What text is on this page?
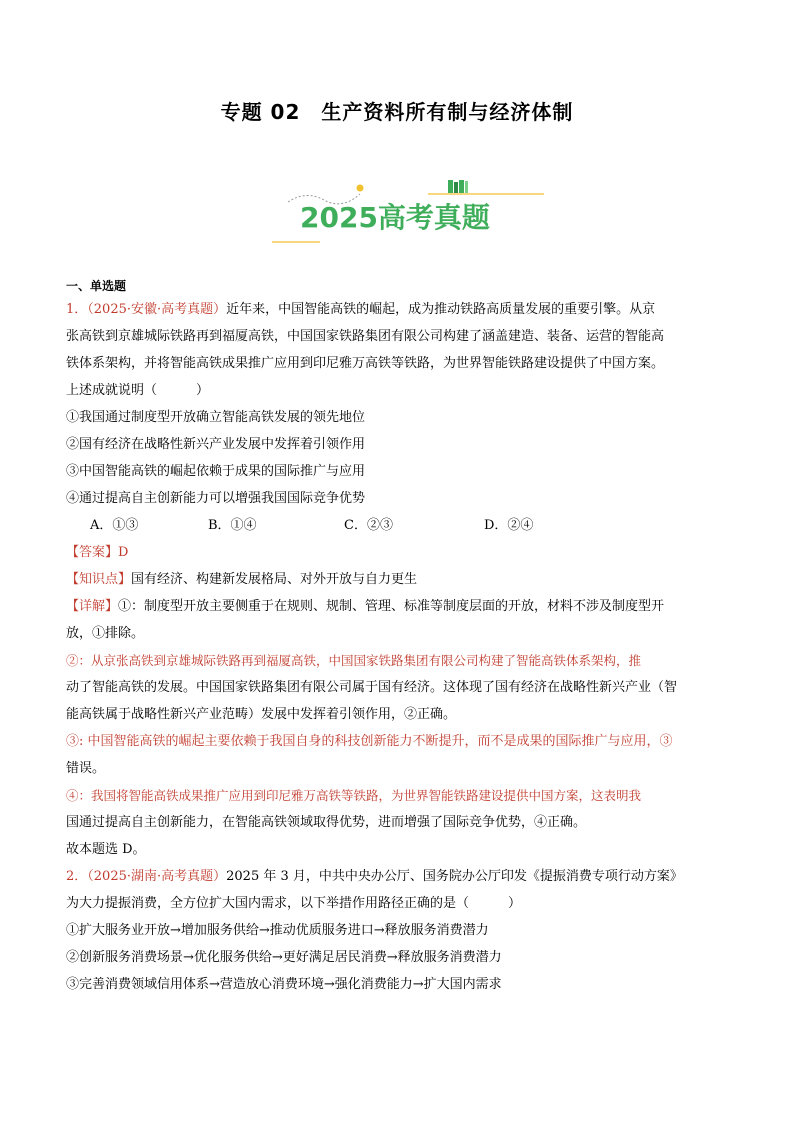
专题 02　生产资料所有制与经济体制
2025高考真题
一、单选题

1．（2025·安徽·高考真题）近年来，中国智能高铁的崛起，成为推动铁路高质量发展的重要引擎。从京

张高铁到京雄城际铁路再到福厦高铁，中国国家铁路集团有限公司构建了涵盖建造、装备、运营的智能高

铁体系架构，并将智能高铁成果推广应用到印尼雅万高铁等铁路，为世界智能铁路建设提供了中国方案。

上述成就说明（　　　）

①我国通过制度型开放确立智能高铁发展的领先地位

②国有经济在战略性新兴产业发展中发挥着引领作用

③中国智能高铁的崛起依赖于成果的国际推广与应用

④通过提高自主创新能力可以增强我国国际竞争优势

A．①③	B．①④	C．②③	D．②④

【答案】D

【知识点】国有经济、构建新发展格局、对外开放与自力更生

【详解】①：制度型开放主要侧重于在规则、规制、管理、标准等制度层面的开放，材料不涉及制度型开

放，①排除。

②：从京张高铁到京雄城际铁路再到福厦高铁，中国国家铁路集团有限公司构建了智能高铁体系架构，推

动了智能高铁的发展。中国国家铁路集团有限公司属于国有经济。这体现了国有经济在战略性新兴产业（智

能高铁属于战略性新兴产业范畴）发展中发挥着引领作用，②正确。

③: 中国智能高铁的崛起主要依赖于我国自身的科技创新能力不断提升，而不是成果的国际推广与应用，③

错误。

④：我国将智能高铁成果推广应用到印尼雅万高铁等铁路，为世界智能铁路建设提供中国方案，这表明我

国通过提高自主创新能力，在智能高铁领域取得优势，进而增强了国际竞争优势，④正确。

故本题选 D。

2．（2025·湖南·高考真题）2025 年 3 月，中共中央办公厅、国务院办公厅印发《提振消费专项行动方案》

为大力提振消费，全方位扩大国内需求，以下举措作用路径正确的是（　　　）

①扩大服务业开放→增加服务供给→推动优质服务进口→释放服务消费潜力

②创新服务消费场景→优化服务供给→更好满足居民消费→释放服务消费潜力

③完善消费领域信用体系→营造放心消费环境→强化消费能力→扩大国内需求
